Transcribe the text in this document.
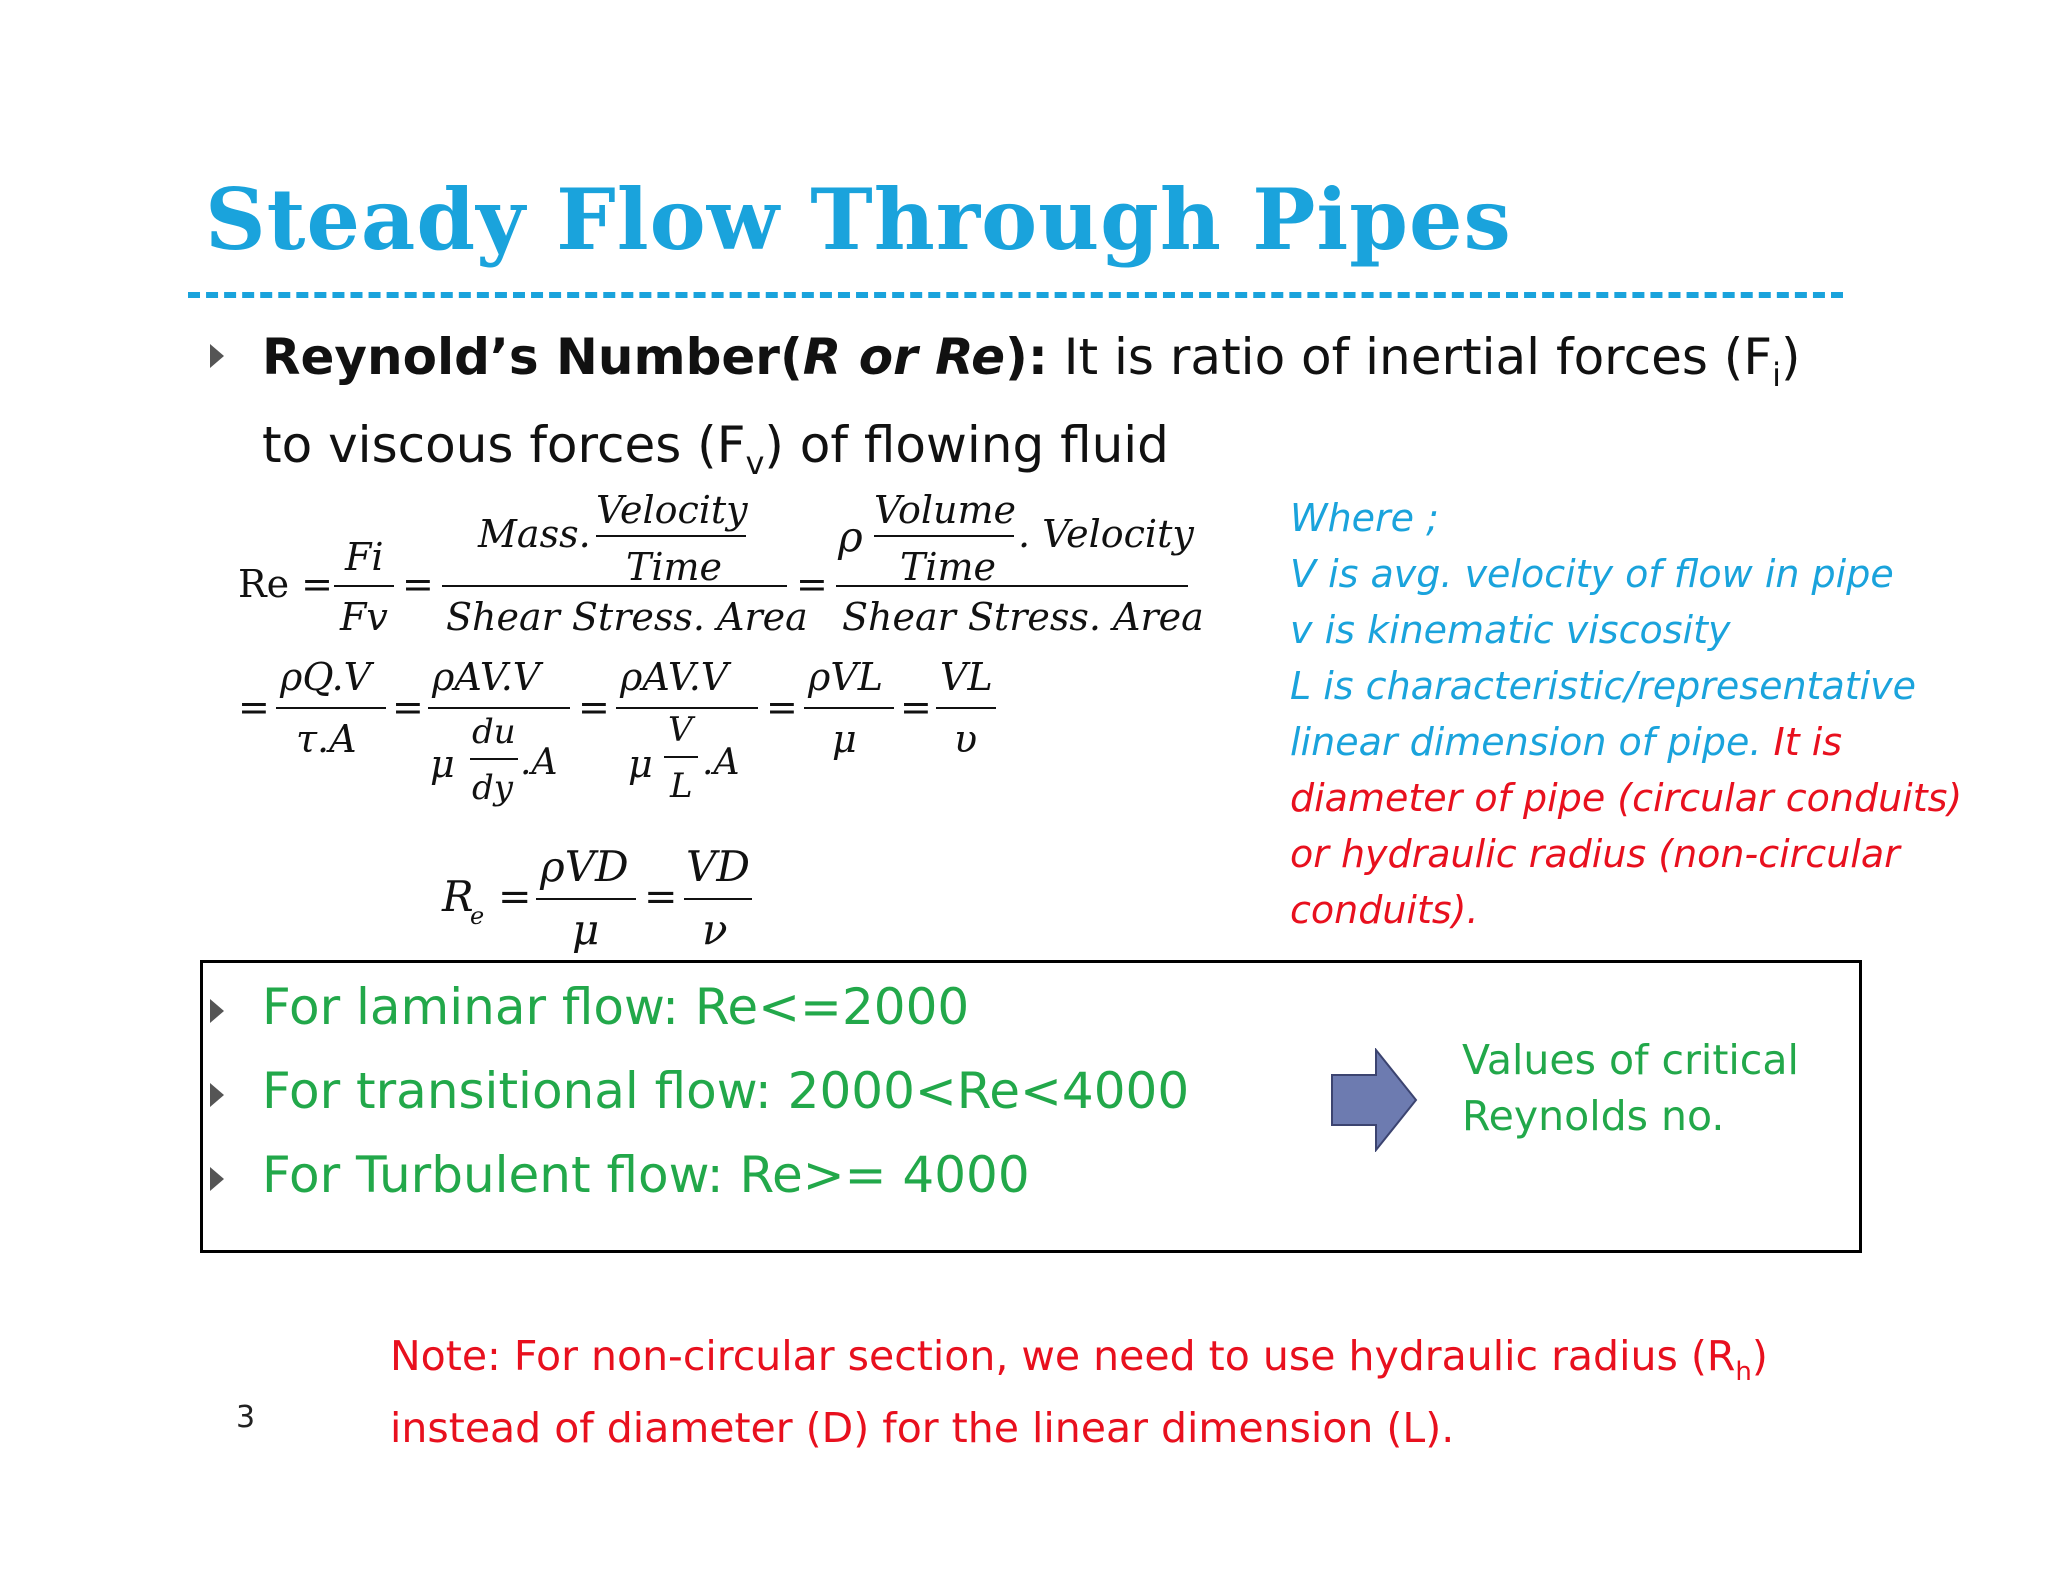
Steady Flow Through Pipes
Reynold’s Number(R or Re): It is ratio of inertial forces $(F_i)$ to viscous forces $(F_v)$ of flowing fluid
Re =
Fi
Fv
=
Mass.
Velocity
Time
Shear Stress. Area
=
ρ
Volume
Time
. Velocity
Shear Stress. Area
=
ρQ.V
τ.A
=
ρAV.V
μ
du
dy
.A
=
ρAV.V
μ
V
L
.A
=
ρVL
μ
=
VL
υ
R
e =
ρVD
μ
=
VD
ν
Where ;
V is avg. velocity of flow in pipe
v is kinematic viscosity
L is characteristic/representative
linear dimension of pipe. It is
diameter of pipe (circular conduits)
or hydraulic radius (non-circular
conduits).
For laminar flow: Re<=2000
For transitional flow: 2000<Re<4000
For Turbulent flow: Re>= 4000
Values of critical
Reynolds no.
Note: For non-circular section, we need to use hydraulic radius $(R_h)$ instead of diameter (D) for the linear dimension (L).
3
